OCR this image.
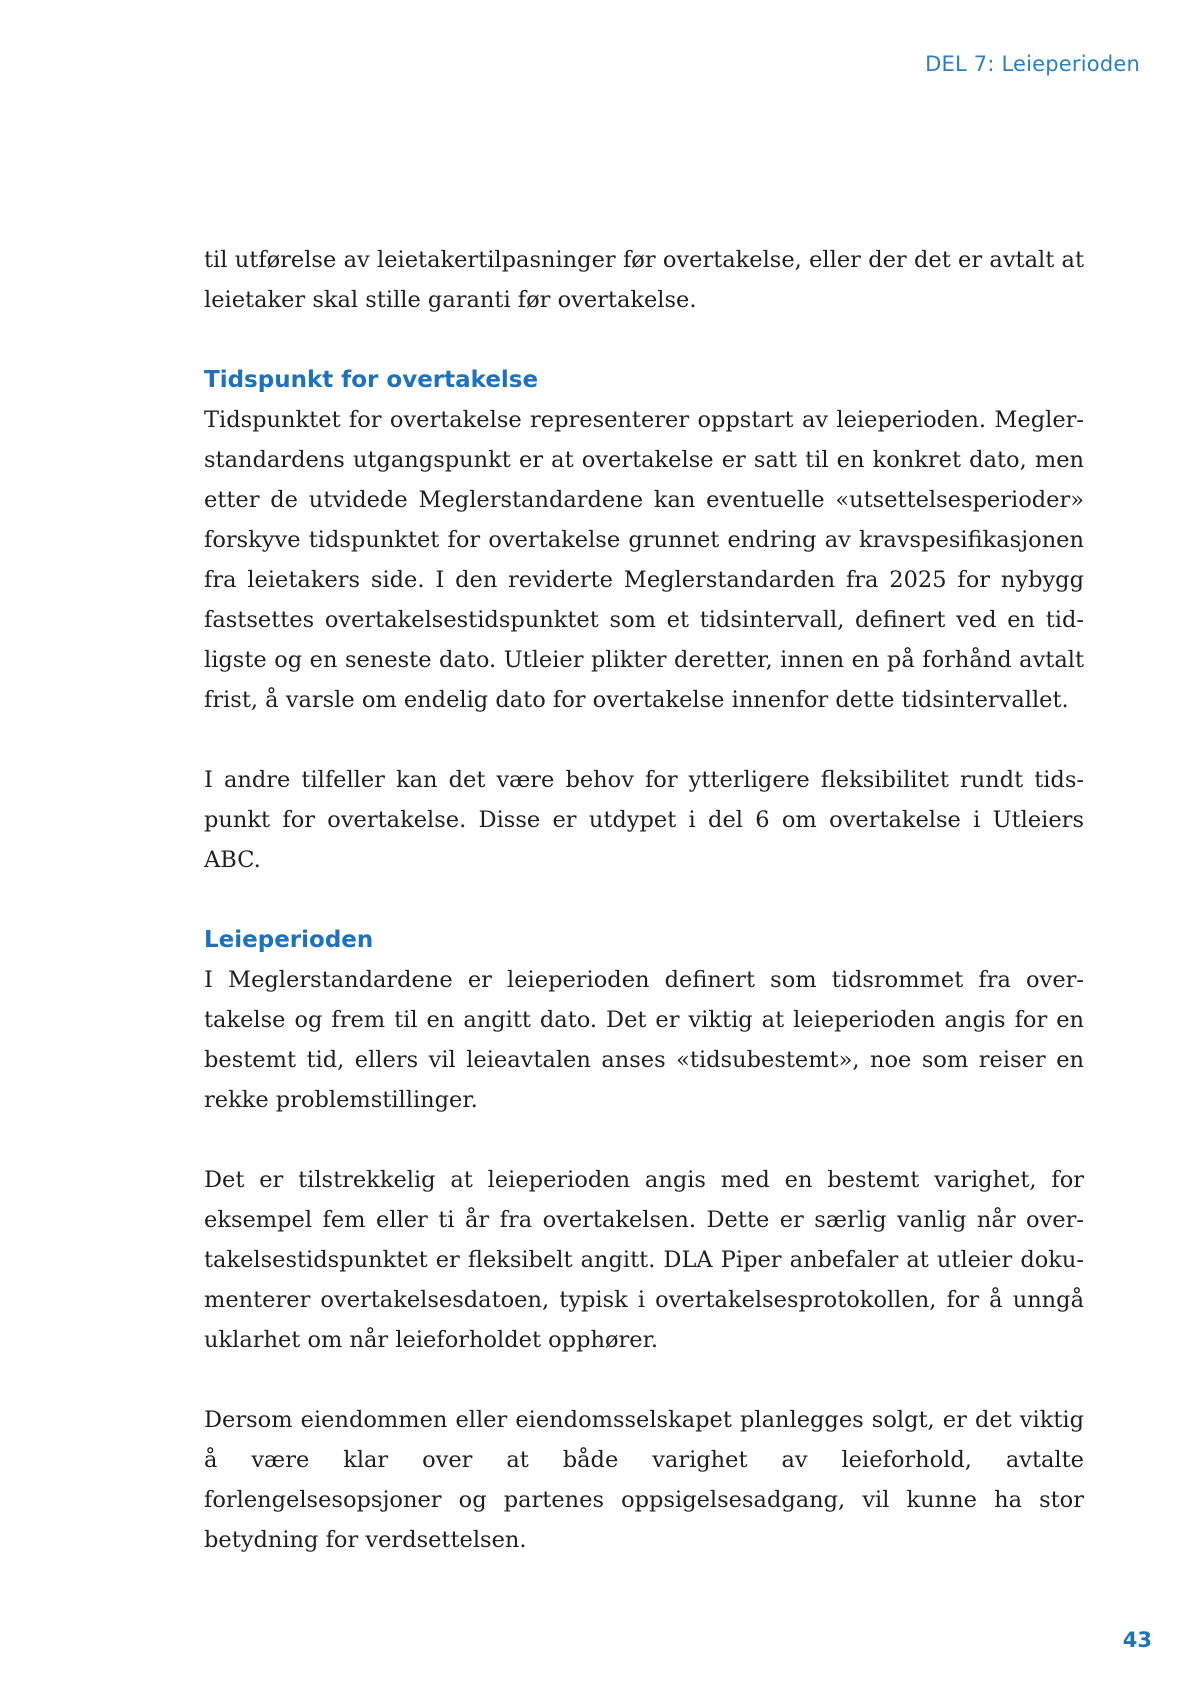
DEL 7: Leieperioden

til utførelse av leietakertilpasninger før overtakelse, eller der det er avtalt at leietaker skal stille garanti før overtakelse.

Tidspunkt for overtakelse

Tidspunktet for overtakelse representerer oppstart av leieperioden. Meglerstandardens utgangspunkt er at overtakelse er satt til en konkret dato, men etter de utvidede Meglerstandardene kan eventuelle «utsettelsesperioder» forskyve tidspunktet for overtakelse grunnet endring av kravspesifikasjonen fra leietakers side. I den reviderte Meglerstandarden fra 2025 for nybygg fastsettes overtakelsestidspunktet som et tidsintervall, definert ved en tidligste og en seneste dato. Utleier plikter deretter, innen en på forhånd avtalt frist, å varsle om endelig dato for overtakelse innenfor dette tidsintervallet.

I andre tilfeller kan det være behov for ytterligere fleksibilitet rundt tidspunkt for overtakelse. Disse er utdypet i del 6 om overtakelse i Utleiers ABC.

Leieperioden

I Meglerstandardene er leieperioden definert som tidsrommet fra overtakelse og frem til en angitt dato. Det er viktig at leieperioden angis for en bestemt tid, ellers vil leieavtalen anses «tidsubestemt», noe som reiser en rekke problemstillinger.

Det er tilstrekkelig at leieperioden angis med en bestemt varighet, for eksempel fem eller ti år fra overtakelsen. Dette er særlig vanlig når overtakelsestidspunktet er fleksibelt angitt. DLA Piper anbefaler at utleier dokumenterer overtakelsesdatoen, typisk i overtakelsesprotokollen, for å unngå uklarhet om når leieforholdet opphører.

Dersom eiendommen eller eiendomsselskapet planlegges solgt, er det viktig å være klar over at både varighet av leieforhold, avtalte forlengelsesopsjoner og partenes oppsigelsesadgang, vil kunne ha stor betydning for verdsettelsen.

43
